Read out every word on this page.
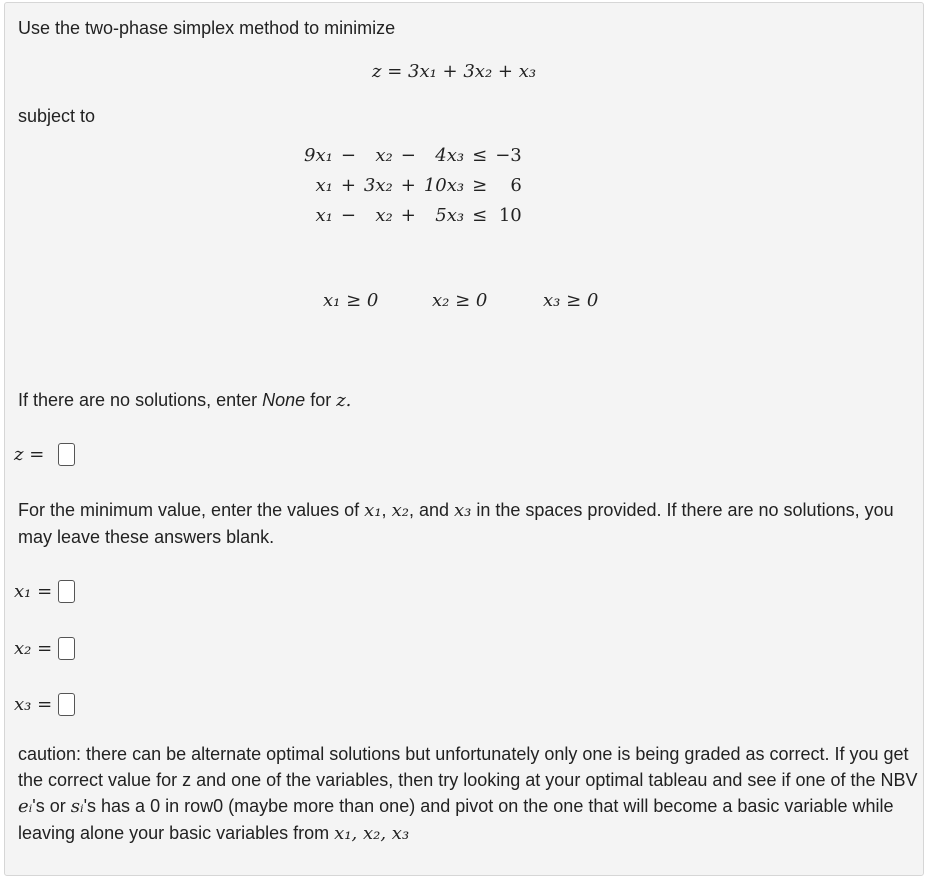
Use the two-phase simplex method to minimize
z = 3x₁ + 3x₂ + x₃
subject to
9x₁	−	x₂	−	4x₃	≤	−3
x₁	+	3x₂	+	10x₃	≥	6
x₁	−	x₂	+	5x₃	≤	10
x₁ ≥ 0	x₂ ≥ 0	x₃ ≥ 0
If there are no solutions, enter None for z.
z =
For the minimum value, enter the values of x₁, x₂, and x₃ in the spaces provided. If there are no solutions, you may leave these answers blank.
x₁ =
x₂ =
x₃ =
caution: there can be alternate optimal solutions but unfortunately only one is being graded as correct. If you get the correct value for z and one of the variables, then try looking at your optimal tableau and see if one of the NBV eᵢ's or sᵢ's has a 0 in row0 (maybe more than one) and pivot on the one that will become a basic variable while leaving alone your basic variables from x₁, x₂, x₃
